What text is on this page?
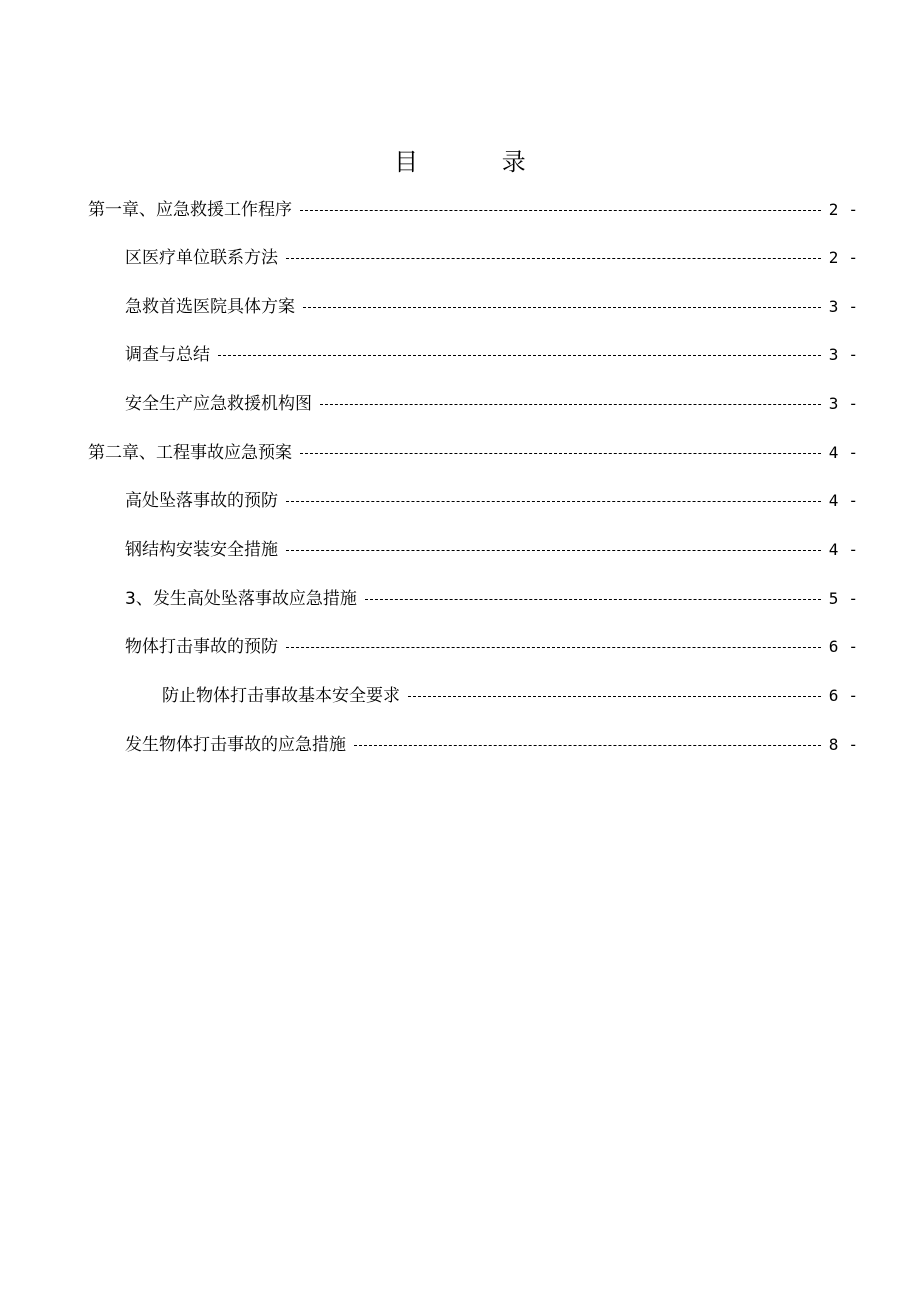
目 录
第一章、应急救援工作程序	2 -
区医疗单位联系方法	2 -
急救首选医院具体方案	3 -
调查与总结	3 -
安全生产应急救援机构图	3 -
第二章、工程事故应急预案	4 -
高处坠落事故的预防	4 -
钢结构安装安全措施	4 -
3、发生高处坠落事故应急措施	5 -
物体打击事故的预防	6 -
防止物体打击事故基本安全要求	6 -
发生物体打击事故的应急措施	8 -
